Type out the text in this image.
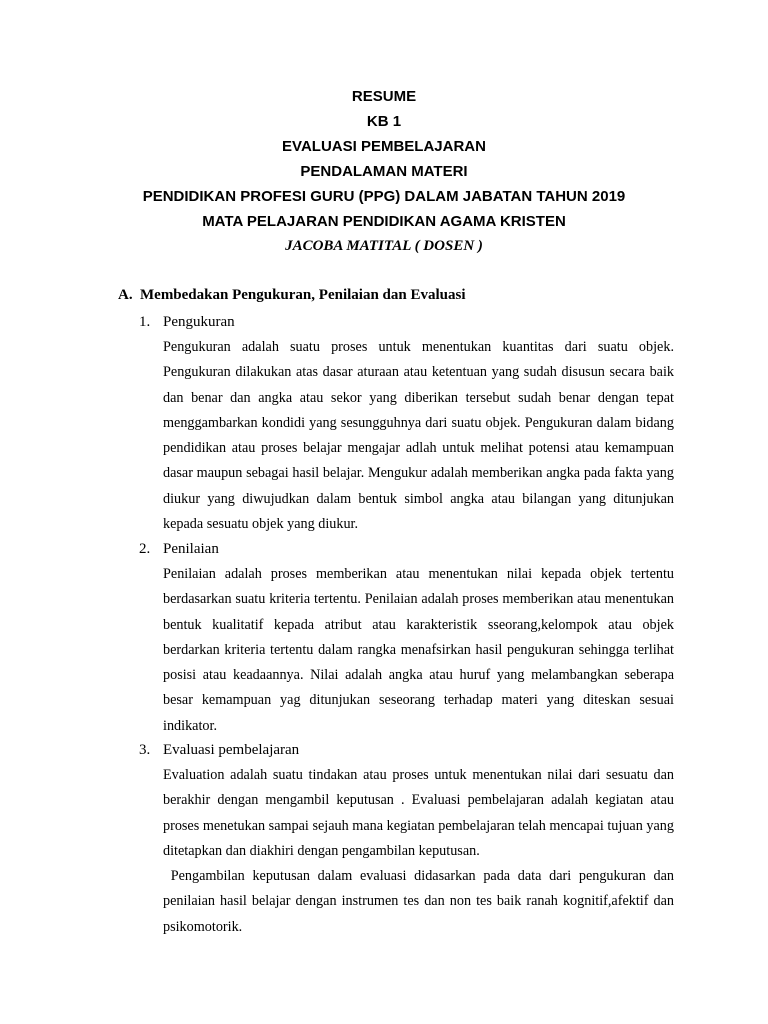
RESUME
KB 1
EVALUASI PEMBELAJARAN
PENDALAMAN MATERI
PENDIDIKAN PROFESI GURU (PPG) DALAM JABATAN TAHUN 2019
MATA PELAJARAN PENDIDIKAN AGAMA KRISTEN
JACOBA MATITAL ( DOSEN )
A. Membedakan Pengukuran, Penilaian dan Evaluasi
1. Pengukuran

Pengukuran adalah suatu proses untuk menentukan kuantitas dari suatu objek. Pengukuran dilakukan atas dasar aturaan atau ketentuan yang sudah disusun secara baik dan benar dan angka atau sekor yang diberikan tersebut sudah benar dengan tepat menggambarkan kondidi yang sesungguhnya dari suatu objek. Pengukuran dalam bidang pendidikan atau proses belajar mengajar adlah untuk melihat potensi atau kemampuan dasar maupun sebagai hasil belajar. Mengukur adalah memberikan angka pada fakta yang diukur yang diwujudkan dalam bentuk simbol angka atau bilangan yang ditunjukan kepada sesuatu objek yang diukur.

2. Penilaian

Penilaian adalah proses memberikan atau menentukan nilai kepada objek tertentu berdasarkan suatu kriteria tertentu. Penilaian adalah proses memberikan atau menentukan bentuk kualitatif kepada atribut atau karakteristik sseorang,kelompok atau objek berdarkan kriteria tertentu dalam rangka menafsirkan hasil pengukuran sehingga terlihat posisi atau keadaannya. Nilai adalah angka atau huruf yang melambangkan seberapa besar kemampuan yag ditunjukan seseorang terhadap materi yang diteskan sesuai indikator.

3. Evaluasi pembelajaran

Evaluation adalah suatu tindakan atau proses untuk menentukan nilai dari sesuatu dan berakhir dengan mengambil keputusan . Evaluasi pembelajaran adalah kegiatan atau proses menetukan sampai sejauh mana kegiatan pembelajaran telah mencapai tujuan yang ditetapkan dan diakhiri dengan pengambilan keputusan.

Pengambilan keputusan dalam evaluasi didasarkan pada data dari pengukuran dan penilaian hasil belajar dengan instrumen tes dan non tes baik ranah kognitif,afektif dan psikomotorik.
